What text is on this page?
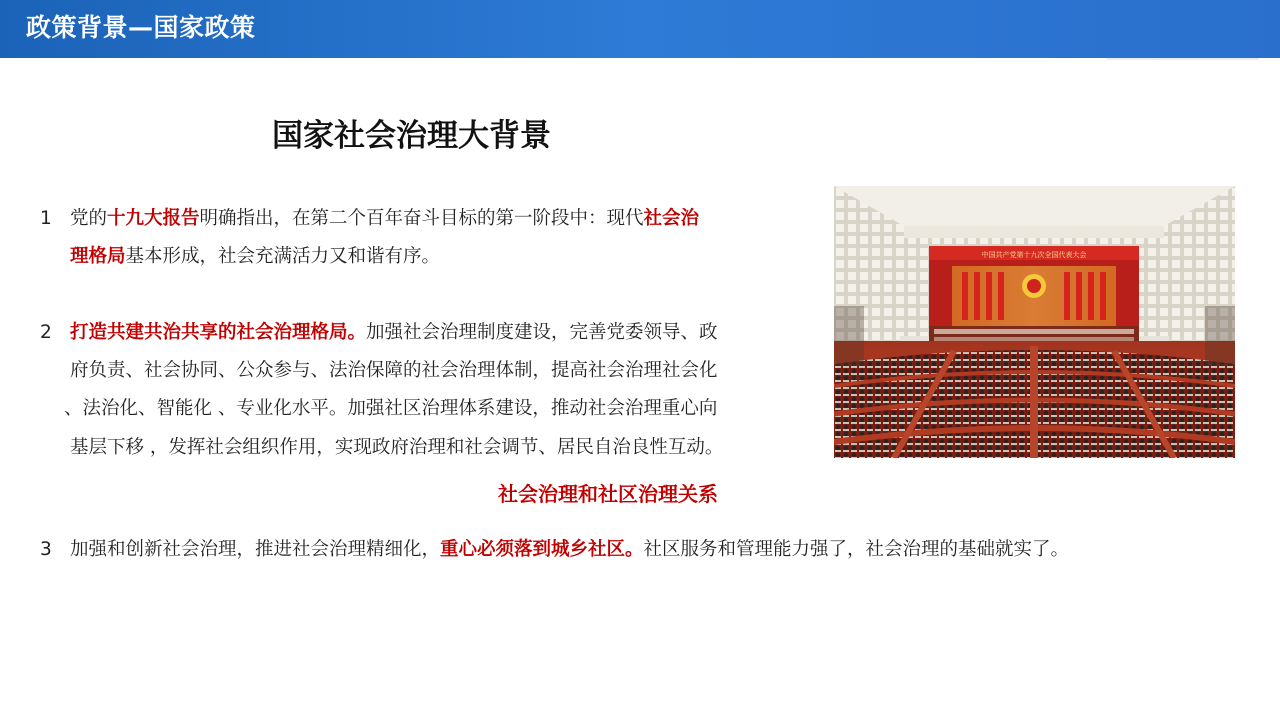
政策背景—国家政策
国家社会治理大背景
1 党的十九大报告明确指出，在第二个百年奋斗目标的第一阶段中：现代社会治
理格局基本形成，社会充满活力又和谐有序。
2 打造共建共治共享的社会治理格局。加强社会治理制度建设，完善党委领导、政
府负责、社会协同、公众参与、法治保障的社会治理体制，提高社会治理社会化
、法治化、智能化 、专业化水平。加强社区治理体系建设，推动社会治理重心向
基层下移 ，发挥社会组织作用，实现政府治理和社会调节、居民自治良性互动。
社会治理和社区治理关系
3 加强和创新社会治理，推进社会治理精细化，重心必须落到城乡社区。社区服务和管理能力强了，社会治理的基础就实了。
中国共产党第十九次全国代表大会
